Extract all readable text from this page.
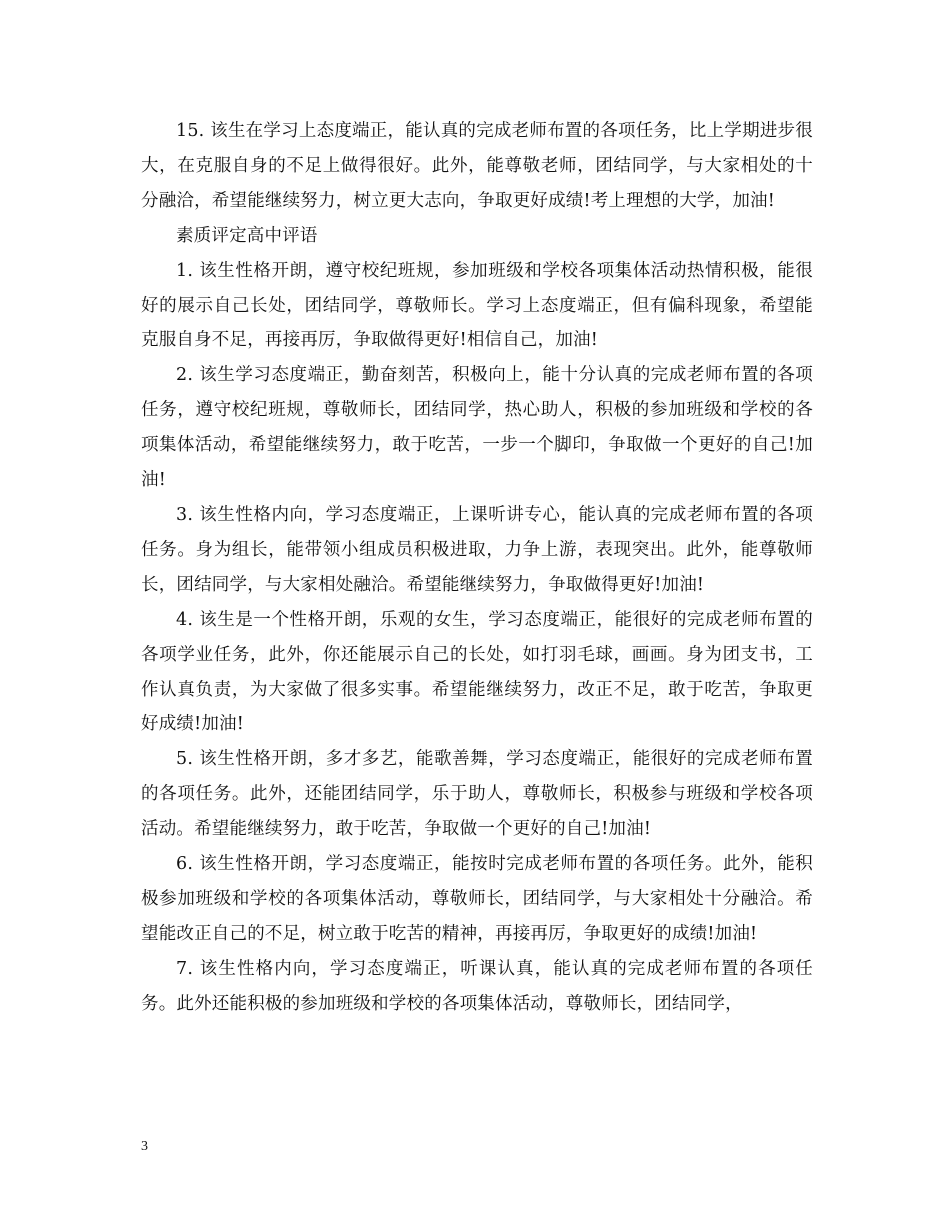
15. 该生在学习上态度端正，能认真的完成老师布置的各项任务，比上学期进步很大，在克服自身的不足上做得很好。此外，能尊敬老师，团结同学，与大家相处的十分融洽，希望能继续努力，树立更大志向，争取更好成绩!考上理想的大学，加油!

素质评定高中评语

1. 该生性格开朗，遵守校纪班规，参加班级和学校各项集体活动热情积极，能很好的展示自己长处，团结同学，尊敬师长。学习上态度端正，但有偏科现象，希望能克服自身不足，再接再厉，争取做得更好!相信自己，加油!

2. 该生学习态度端正，勤奋刻苦，积极向上，能十分认真的完成老师布置的各项任务，遵守校纪班规，尊敬师长，团结同学，热心助人，积极的参加班级和学校的各项集体活动，希望能继续努力，敢于吃苦，一步一个脚印，争取做一个更好的自己!加油!

3. 该生性格内向，学习态度端正，上课听讲专心，能认真的完成老师布置的各项任务。身为组长，能带领小组成员积极进取，力争上游，表现突出。此外，能尊敬师长，团结同学，与大家相处融洽。希望能继续努力，争取做得更好!加油!

4. 该生是一个性格开朗，乐观的女生，学习态度端正，能很好的完成老师布置的各项学业任务，此外，你还能展示自己的长处，如打羽毛球，画画。身为团支书，工作认真负责，为大家做了很多实事。希望能继续努力，改正不足，敢于吃苦，争取更好成绩!加油!

5. 该生性格开朗，多才多艺，能歌善舞，学习态度端正，能很好的完成老师布置的各项任务。此外，还能团结同学，乐于助人，尊敬师长，积极参与班级和学校各项活动。希望能继续努力，敢于吃苦，争取做一个更好的自己!加油!

6. 该生性格开朗，学习态度端正，能按时完成老师布置的各项任务。此外，能积极参加班级和学校的各项集体活动，尊敬师长，团结同学，与大家相处十分融洽。希望能改正自己的不足，树立敢于吃苦的精神，再接再厉，争取更好的成绩!加油!

7. 该生性格内向，学习态度端正，听课认真，能认真的完成老师布置的各项任务。此外还能积极的参加班级和学校的各项集体活动，尊敬师长，团结同学，

3
